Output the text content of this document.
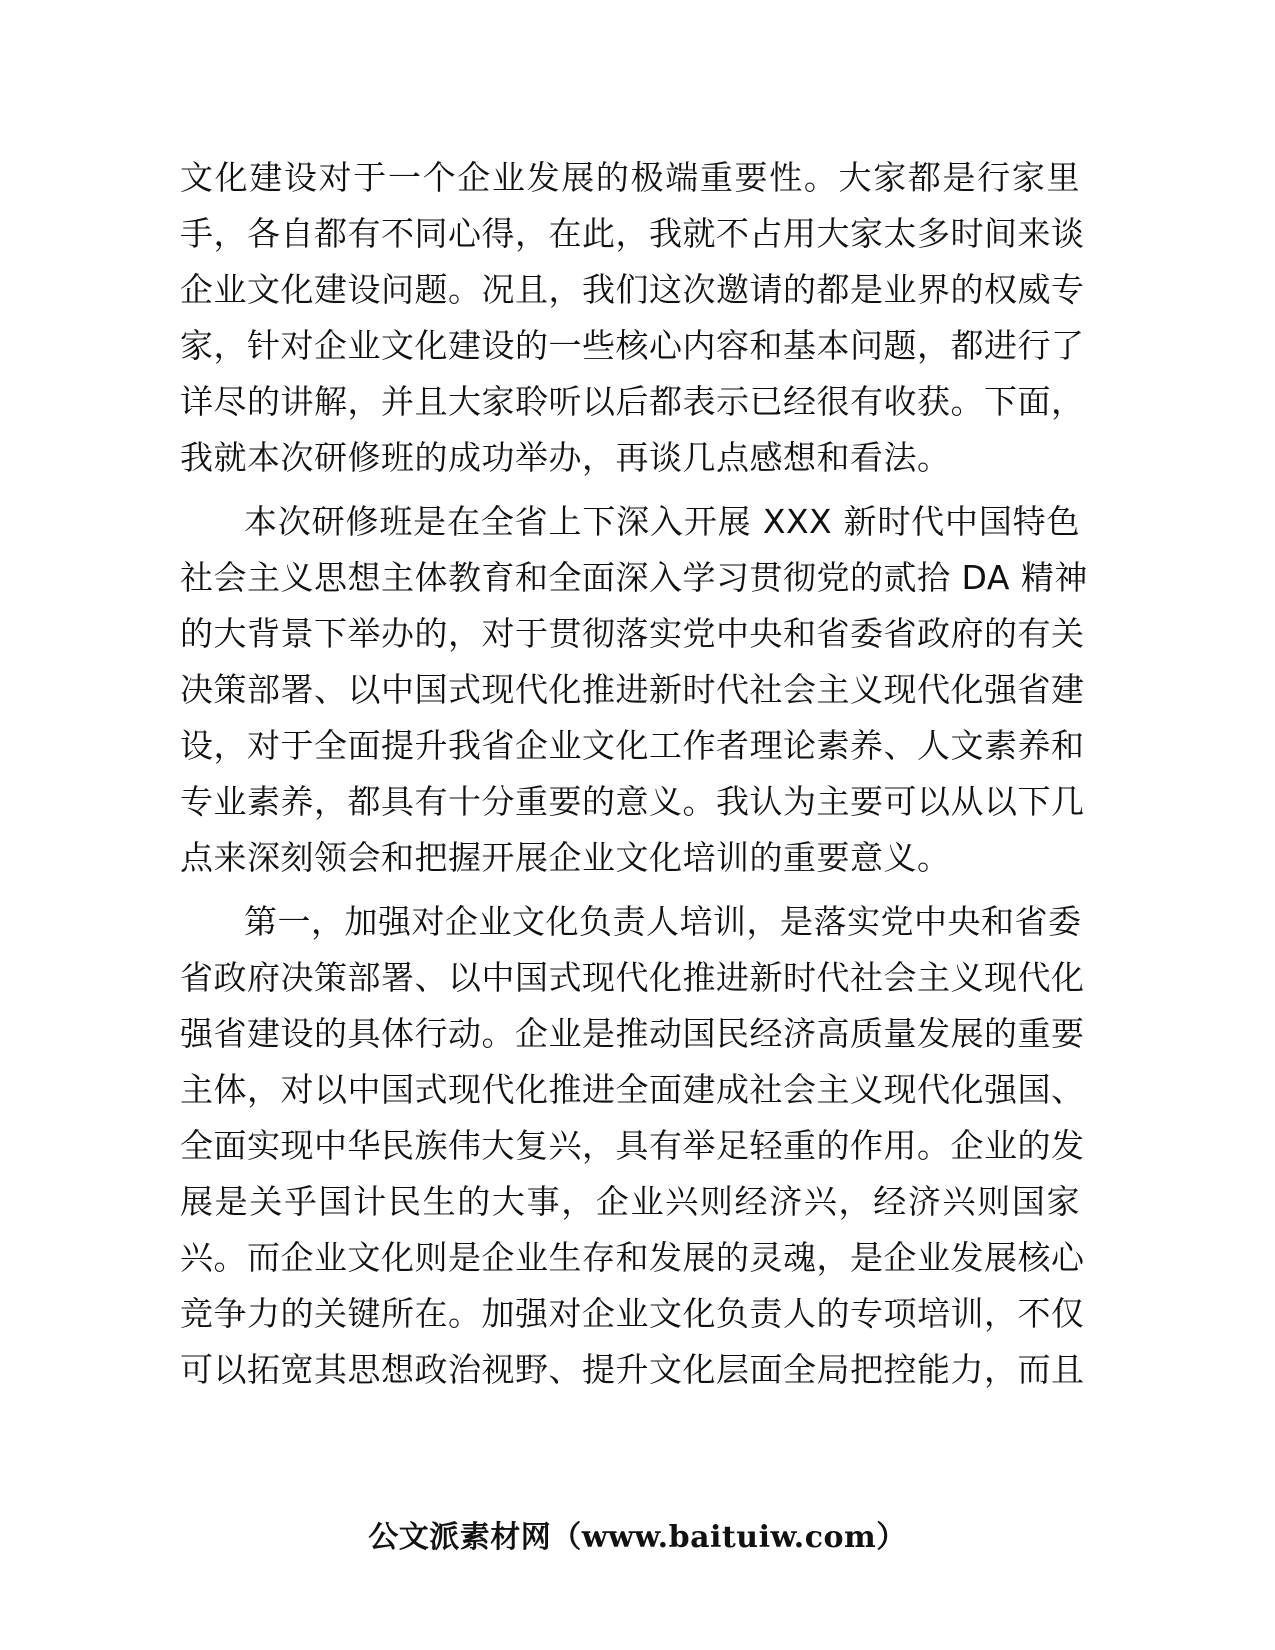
文化建设对于一个企业发展的极端重要性。大家都是行家里
手，各自都有不同心得，在此，我就不占用大家太多时间来谈
企业文化建设问题。况且，我们这次邀请的都是业界的权威专
家，针对企业文化建设的一些核心内容和基本问题，都进行了
详尽的讲解，并且大家聆听以后都表示已经很有收获。下面，
我就本次研修班的成功举办，再谈几点感想和看法。
本次研修班是在全省上下深入开展 XXX 新时代中国特色
社会主义思想主体教育和全面深入学习贯彻党的贰拾 DA 精神
的大背景下举办的，对于贯彻落实党中央和省委省政府的有关
决策部署、以中国式现代化推进新时代社会主义现代化强省建
设，对于全面提升我省企业文化工作者理论素养、人文素养和
专业素养，都具有十分重要的意义。我认为主要可以从以下几
点来深刻领会和把握开展企业文化培训的重要意义。
第一，加强对企业文化负责人培训，是落实党中央和省委
省政府决策部署、以中国式现代化推进新时代社会主义现代化
强省建设的具体行动。企业是推动国民经济高质量发展的重要
主体，对以中国式现代化推进全面建成社会主义现代化强国、
全面实现中华民族伟大复兴，具有举足轻重的作用。企业的发
展是关乎国计民生的大事，企业兴则经济兴，经济兴则国家
兴。而企业文化则是企业生存和发展的灵魂，是企业发展核心
竞争力的关键所在。加强对企业文化负责人的专项培训，不仅
可以拓宽其思想政治视野、提升文化层面全局把控能力，而且
公文派素材网（www.baituiw.com）
